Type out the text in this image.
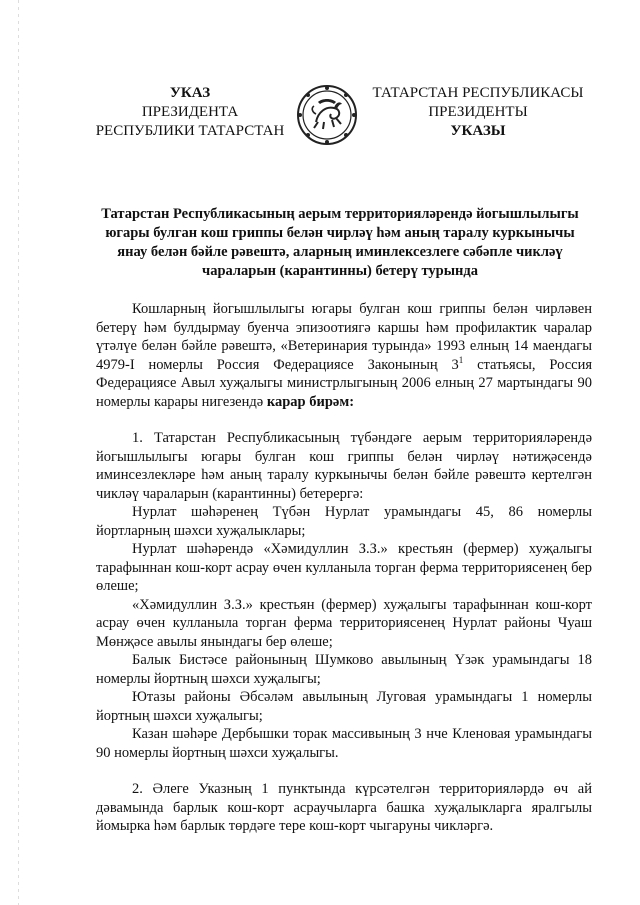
УКАЗ
ПРЕЗИДЕНТА
РЕСПУБЛИКИ ТАТАРСТАН
ТАТАРСТАН РЕСПУБЛИКАСЫ
ПРЕЗИДЕНТЫ
УКАЗЫ
Татарстан Республикасының аерым территорияләрендә йогышлылыгы югары булган кош гриппы белән чирләү һәм аның таралу куркынычы янау белән бәйле рәвештә, аларның иминлексезлеге сәбәпле чикләү чараларын (карантинны) бетерү турында

Кошларның йогышлылыгы югары булган кош гриппы белән чирләвен бетерү һәм булдырмау буенча эпизоотиягә каршы һәм профилактик чаралар үтәлүе белән бәйле рәвештә, «Ветеринария турында» 1993 елның 14 маендагы 4979-I номерлы Россия Федерациясе Законының $3^1$ статьясы, Россия Федерациясе Авыл хуҗалыгы министрлыгының 2006 елның 27 мартындагы 90 номерлы карары нигезендә карар бирәм:

1. Татарстан Республикасының түбәндәге аерым территорияләрендә йогышлылыгы югары булган кош гриппы белән чирләү нәтиҗәсендә иминсезлекләре һәм аның таралу куркынычы белән бәйле рәвештә кертелгән чикләү чараларын (карантинны) бетерергә:

Нурлат шәһәренең Түбән Нурлат урамындагы 45, 86 номерлы йортларның шәхси хуҗалыклары;

Нурлат шәһәрендә «Хәмидуллин З.З.» крестьян (фермер) хуҗалыгы тарафыннан кош-корт асрау өчен кулланыла торган ферма территориясенең бер өлеше;

«Хәмидуллин З.З.» крестьян (фермер) хуҗалыгы тарафыннан кош-корт асрау өчен кулланыла торган ферма территориясенең Нурлат районы Чуаш Мөнҗәсе авылы янындагы бер өлеше;

Балык Бистәсе районының Шумково авылының Үзәк урамындагы 18 номерлы йортның шәхси хуҗалыгы;

Ютазы районы Әбсәләм авылының Луговая урамындагы 1 номерлы йортның шәхси хуҗалыгы;

Казан шәһәре Дербышки торак массивының 3 нче Кленовая урамындагы 90 номерлы йортның шәхси хуҗалыгы.

2. Әлеге Указның 1 пунктында күрсәтелгән территорияләрдә өч ай дәвамында барлык кош-корт асраучыларга башка хуҗалыкларга яралгылы йомырка һәм барлык төрдәге тере кош-корт чыгаруны чикләргә.
